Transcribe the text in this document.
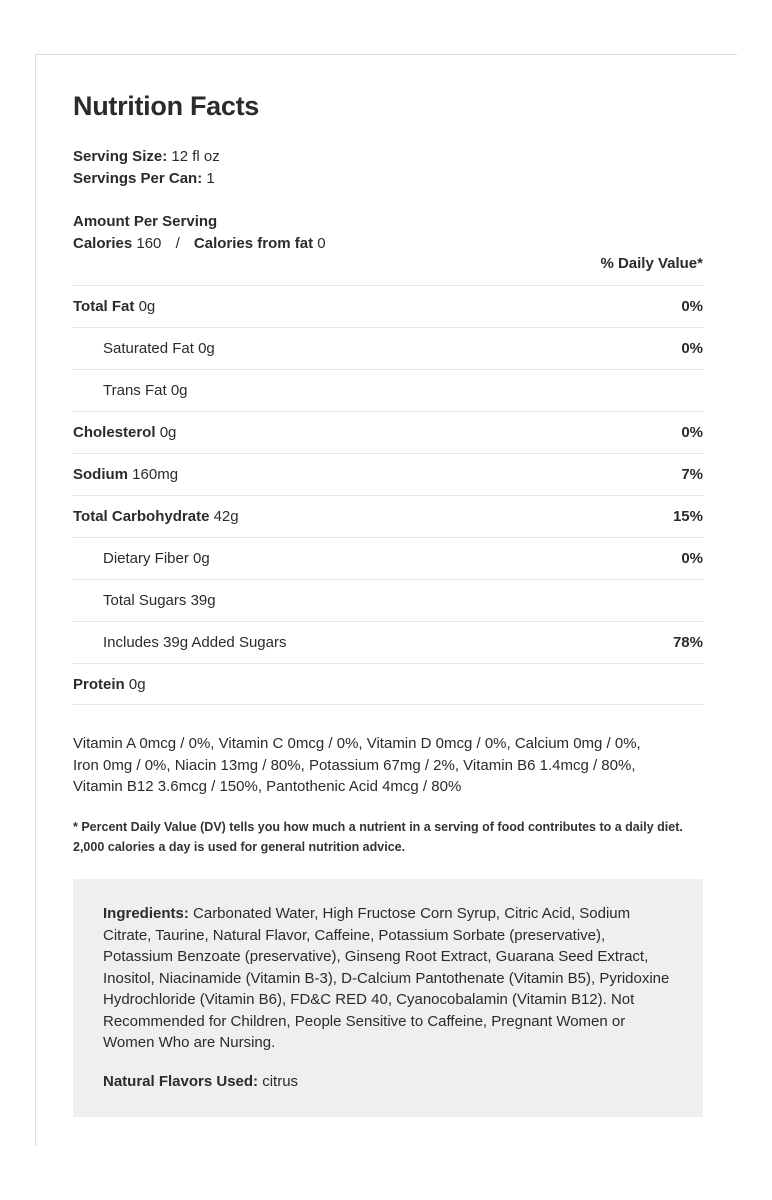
Nutrition Facts
Serving Size: 12 fl oz
Servings Per Can: 1
Amount Per Serving
Calories 160 / Calories from fat 0
% Daily Value*
Total Fat 0g	0%
Saturated Fat 0g	0%
Trans Fat 0g
Cholesterol 0g	0%
Sodium 160mg	7%
Total Carbohydrate 42g	15%
Dietary Fiber 0g	0%
Total Sugars 39g
Includes 39g Added Sugars	78%
Protein 0g
Vitamin A 0mcg / 0%, Vitamin C 0mcg / 0%, Vitamin D 0mcg / 0%, Calcium 0mg / 0%,
Iron 0mg / 0%, Niacin 13mg / 80%, Potassium 67mg / 2%, Vitamin B6 1.4mcg / 80%,
Vitamin B12 3.6mcg / 150%, Pantothenic Acid 4mcg / 80%
* Percent Daily Value (DV) tells you how much a nutrient in a serving of food contributes to a daily diet.
2,000 calories a day is used for general nutrition advice.
Ingredients: Carbonated Water, High Fructose Corn Syrup, Citric Acid, Sodium Citrate, Taurine, Natural Flavor, Caffeine, Potassium Sorbate (preservative), Potassium Benzoate (preservative), Ginseng Root Extract, Guarana Seed Extract, Inositol, Niacinamide (Vitamin B-3), D-Calcium Pantothenate (Vitamin B5), Pyridoxine Hydrochloride (Vitamin B6), FD&C RED 40, Cyanocobalamin (Vitamin B12). Not Recommended for Children, People Sensitive to Caffeine, Pregnant Women or Women Who are Nursing.
Natural Flavors Used: citrus
